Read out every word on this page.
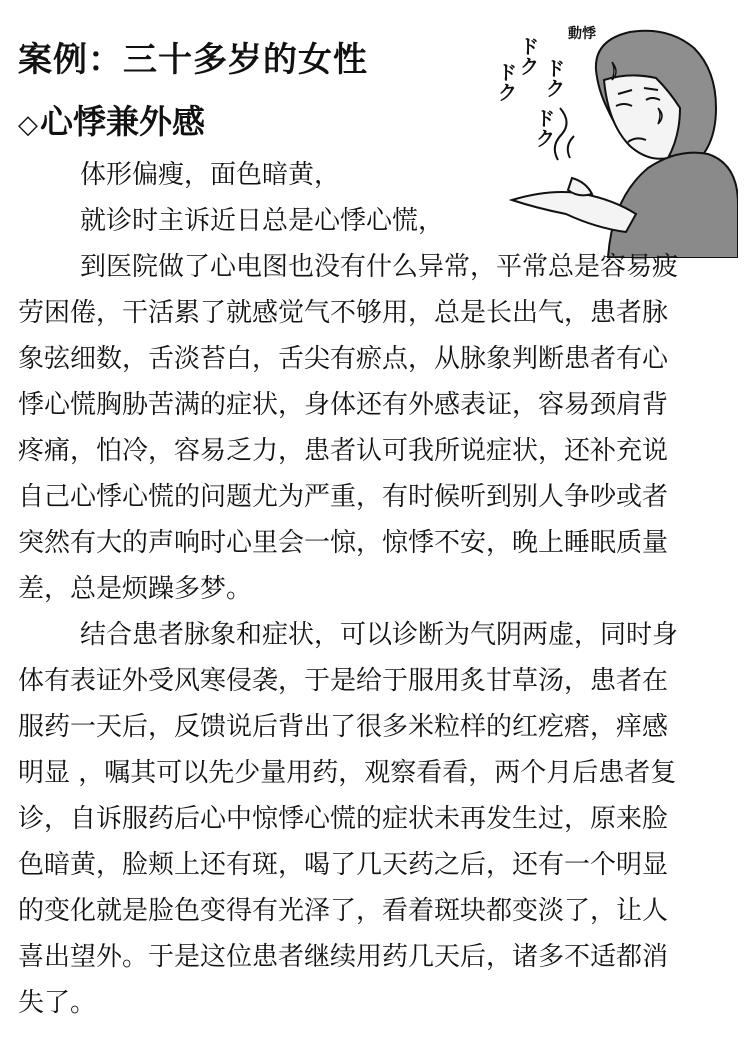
案例：三十多岁的女性
◇心悸兼外感
ドク
ドク
ドク
ドク
動悸

体形偏瘦，面色暗黄，

就诊时主诉近日总是心悸心慌，

到医院做了心电图也没有什么异常，平常总是容易疲
劳困倦，干活累了就感觉气不够用，总是长出气，患者脉
象弦细数，舌淡苔白，舌尖有瘀点，从脉象判断患者有心
悸心慌胸胁苦满的症状，身体还有外感表证，容易颈肩背
疼痛，怕冷，容易乏力，患者认可我所说症状，还补充说
自己心悸心慌的问题尤为严重，有时候听到别人争吵或者
突然有大的声响时心里会一惊，惊悸不安，晚上睡眠质量
差，总是烦躁多梦。

结合患者脉象和症状，可以诊断为气阴两虚，同时身
体有表证外受风寒侵袭，于是给于服用炙甘草汤，患者在
服药一天后，反馈说后背出了很多米粒样的红疙瘩，痒感
明显 ，嘱其可以先少量用药，观察看看，两个月后患者复
诊，自诉服药后心中惊悸心慌的症状未再发生过，原来脸
色暗黄，脸颊上还有斑，喝了几天药之后，还有一个明显
的变化就是脸色变得有光泽了，看着斑块都变淡了，让人
喜出望外。于是这位患者继续用药几天后，诸多不适都消
失了。
